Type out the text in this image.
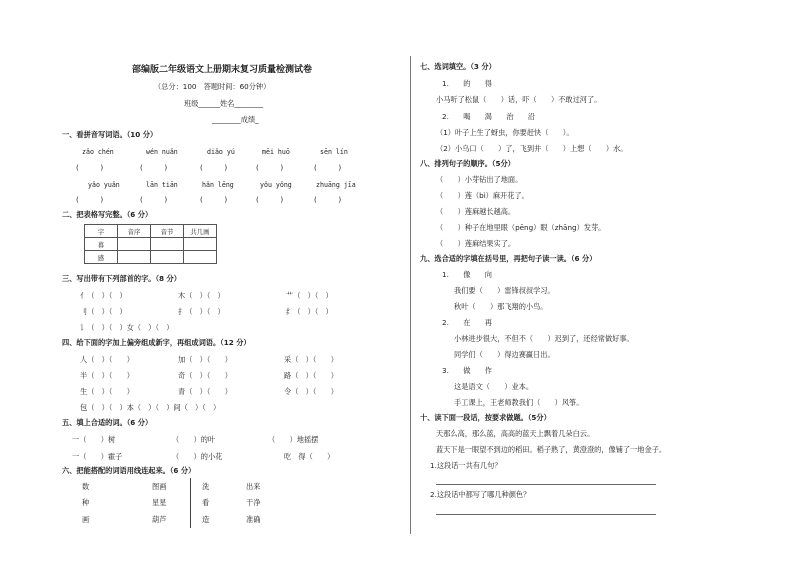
部编版二年级语文上册期末复习质量检测试卷
（总分：100　答题时间：60分钟）
班级______姓名________
________成绩_
一、看拼音写词语。（10 分）
zǎo chén	wén nuǎn	diǎo yú	mēi huō	sēn lín
(　　　)	(　　　)	(　　　)	(　　　)	(　　　)
yǎo yuǎn	lān tiān	hǎn lēng	yǒu yǒng	zhuāng jīa
(　　　)	(　　　)	(　　　)	(　　　)	(　　　)
二、把表格写完整。（6 分）
字	音序	音节	共几画
暮			
感			
三、写出带有下列部首的字。（8 分）
亻（　）（　）	木（　）（　）	艹（　）（　）
刂（　）（　）	扌（　）（　）	纟（　）（　）
讠（　）（　）女（　）（　）
四、给下面的字加上偏旁组成新字，再组成词语。（12 分）
人（　）（　　）	加（　）（　　）	采（　）（　　）
半（　）（　　）	奇（　）（　　）	路（　）（　　）
生（　）（　　）	青（　）（　　）	令（　）（　　）
包（　）（　）本（　）（　）间（　）（　）
五、填上合适的词。（6 分）
一（　　）树	（　　）的叶	（　　）地摇摆
一（　　）霍子	（　　）的小花	吃　得（　　）
六、把能搭配的词语用线连起来。（6 分）
数
种
画
图画
星星
葫芦
洗
看
造
出来
干净
准确
七、选词填空。（3 分）
1.　　的　　得
小马听了松鼠（　　）话，吓（　　）不敢过河了。
2.　　喝　　渴　　治　　沿
（1）叶子上生了蚜虫，你要赶快（　　）。
（2）小乌口（　　）了，飞到井（　　）上想（　　）水。
八、排列句子的顺序。（5分）
（　　）小芽钻出了地面。
（　　）莲（bì）麻开花了。
（　　）莲麻越长越高。
（　　）种子在地里眼（pēng）眼（zhāng）发芽。
（　　）莲麻结果实了。
九、选合适的字填在括号里，再把句子读一读。（6 分）
1.　　像　　向
我们要（　　）雷锋叔叔学习。
秋叶（　　）那飞翔的小鸟。
2.　　在　　再
小林进步很大，不但不（　　）迟到了，还经常做好事。
同学们（　　）得边赛赢日出。
3.　　做　　作
这是语文（　　）业本。
手工课上，王老师教我们（　　）风筝。
十、读下面一段话，按要求做题。（5分）
天那么高，那么蓝，高高的蓝天上飘着几朵白云。
蓝天下是一眼望不到边的稻田。稻子熟了，黄澄澄的，像铺了一地金子。
1.这段话一共有几句？
2.这段话中都写了哪几种颜色？
